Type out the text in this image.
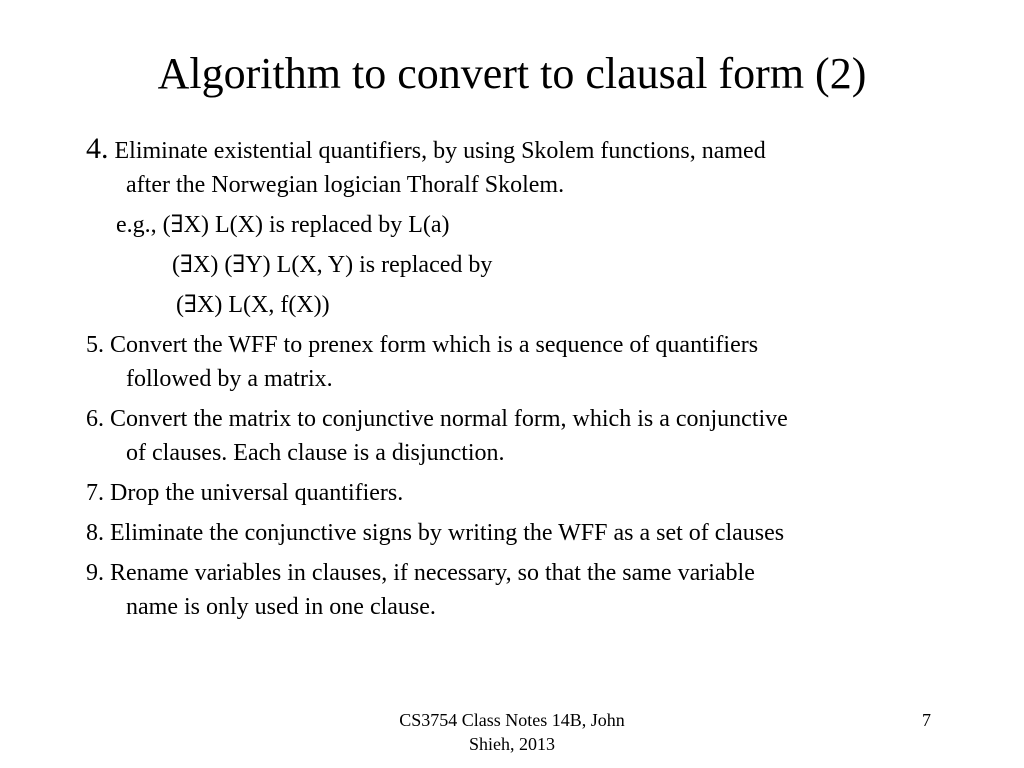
Algorithm to convert to clausal form (2)
4. Eliminate existential quantifiers, by using Skolem functions, named
after the Norwegian logician Thoralf Skolem.
e.g., (∃X) L(X) is replaced by L(a)
(∃X) (∃Y) L(X, Y) is replaced by
(∃X) L(X, f(X))
5. Convert the WFF to prenex form which is a sequence of quantifiers
followed by a matrix.
6. Convert the matrix to conjunctive normal form, which is a conjunctive
of clauses. Each clause is a disjunction.
7. Drop the universal quantifiers.
8. Eliminate the conjunctive signs by writing the WFF as a set of clauses
9. Rename variables in clauses, if necessary, so that the same variable
name is only used in one clause.
CS3754 Class Notes 14B, John
Shieh, 2013
7
